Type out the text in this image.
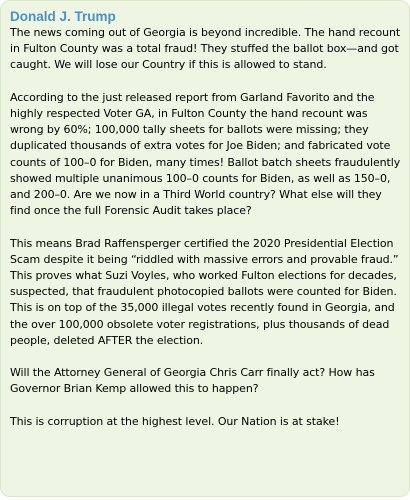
Donald J. Trump

The news coming out of Georgia is beyond incredible. The hand recount in Fulton County was a total fraud! They stuffed the ballot box—and got caught. We will lose our Country if this is allowed to stand.

According to the just released report from Garland Favorito and the highly respected Voter GA, in Fulton County the hand recount was wrong by 60%; 100,000 tally sheets for ballots were missing; they duplicated thousands of extra votes for Joe Biden; and fabricated vote counts of 100–0 for Biden, many times! Ballot batch sheets fraudulently showed multiple unanimous 100–0 counts for Biden, as well as 150–0, and 200–0. Are we now in a Third World country? What else will they find once the full Forensic Audit takes place?

This means Brad Raffensperger certified the 2020 Presidential Election Scam despite it being “riddled with massive errors and provable fraud.” This proves what Suzi Voyles, who worked Fulton elections for decades, suspected, that fraudulent photocopied ballots were counted for Biden. This is on top of the 35,000 illegal votes recently found in Georgia, and the over 100,000 obsolete voter registrations, plus thousands of dead people, deleted AFTER the election.

Will the Attorney General of Georgia Chris Carr finally act? How has Governor Brian Kemp allowed this to happen?

This is corruption at the highest level. Our Nation is at stake!
